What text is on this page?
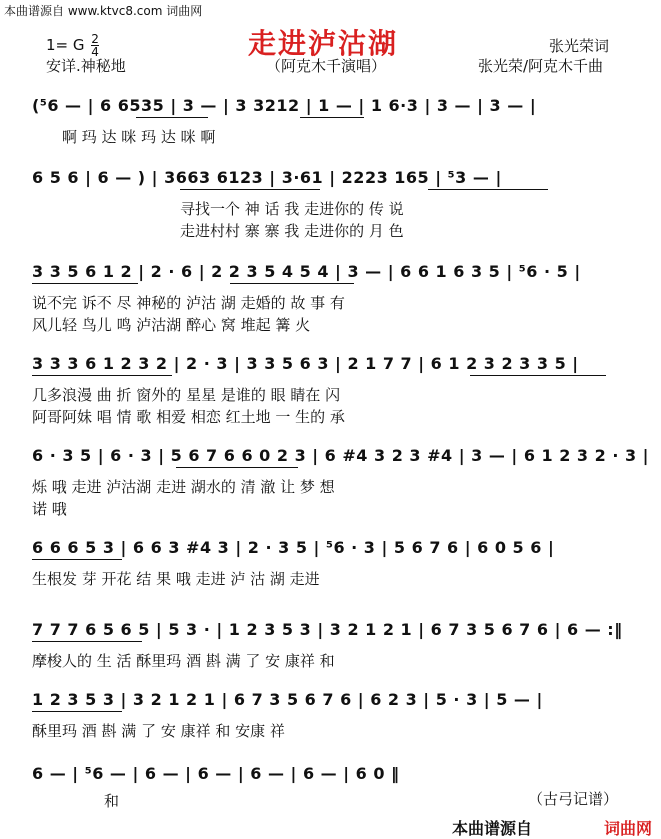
本曲谱源自 www.ktvc8.com 词曲网
走进泸沽湖
1= G $\frac{2}{4}$
安详.神秘地	（阿克木千演唱）
张光荣词
张光荣/阿克木千曲
(⁵6 — | 6 6535 | 3 — | 3 3212 | 1 — | 1 6·3 | 3 — | 3 — |
啊 玛 达 咪 玛 达 咪 啊
6 5 6 | 6 — ) | 3663 6123 | 3·61 | 2223 165 | ⁵3 — |
寻找一个 神 话 我 走进你的 传 说
走进村村 寨 寨 我 走进你的 月 色
3 3 5 6 1 2 | 2 · 6 | 2 2 3 5 4 5 4 | 3 — | 6 6 1 6 3 5 | ⁵6 · 5 |
说不完 诉不 尽 神秘的 泸沽 湖 走婚的 故 事 有
风儿轻 鸟儿 鸣 泸沽湖 醉心 窝 堆起 篝 火
3 3 3 6 1 2 3 2 | 2 · 3 | 3 3 5 6 3 | 2 1 7 7 | 6 1 2 3 2 3 3 5 |
几多浪漫 曲 折 窗外的 星星 是谁的 眼 睛在 闪
阿哥阿妹 唱 情 歌 相爱 相恋 红土地 一 生的 承
6 · 3 5 | 6 · 3 | 5 6 7 6 6 0 2 3 | 6 #4 3 2 3 #4 | 3 — | 6 1 2 3 2 · 3 |
烁 哦 走进 泸沽湖 走进 湖水的 清 澈 让 梦 想
诺 哦
6 6 6 5 3 | 6 6 3 #4 3 | 2 · 3 5 | ⁵6 · 3 | 5 6 7 6 | 6 0 5 6 |
生根发 芽 开花 结 果 哦 走进 泸 沽 湖 走进
7 7 7 6 5 6 5 | 5 3 · | 1 2 3 5 3 | 3 2 1 2 1 | 6 7 3 5 6 7 6 | 6 — :‖
摩梭人的 生 活 酥里玛 酒 斟 满 了 安 康祥 和
1 2 3 5 3 | 3 2 1 2 1 | 6 7 3 5 6 7 6 | 6 2 3 | 5 · 3 | 5 — |
酥里玛 酒 斟 满 了 安 康祥 和 安康 祥
6 — | ⁵6 — | 6 — | 6 — | 6 — | 6 — | 6 0 ‖
和	（古弓记谱）
本曲谱源自	词曲网
